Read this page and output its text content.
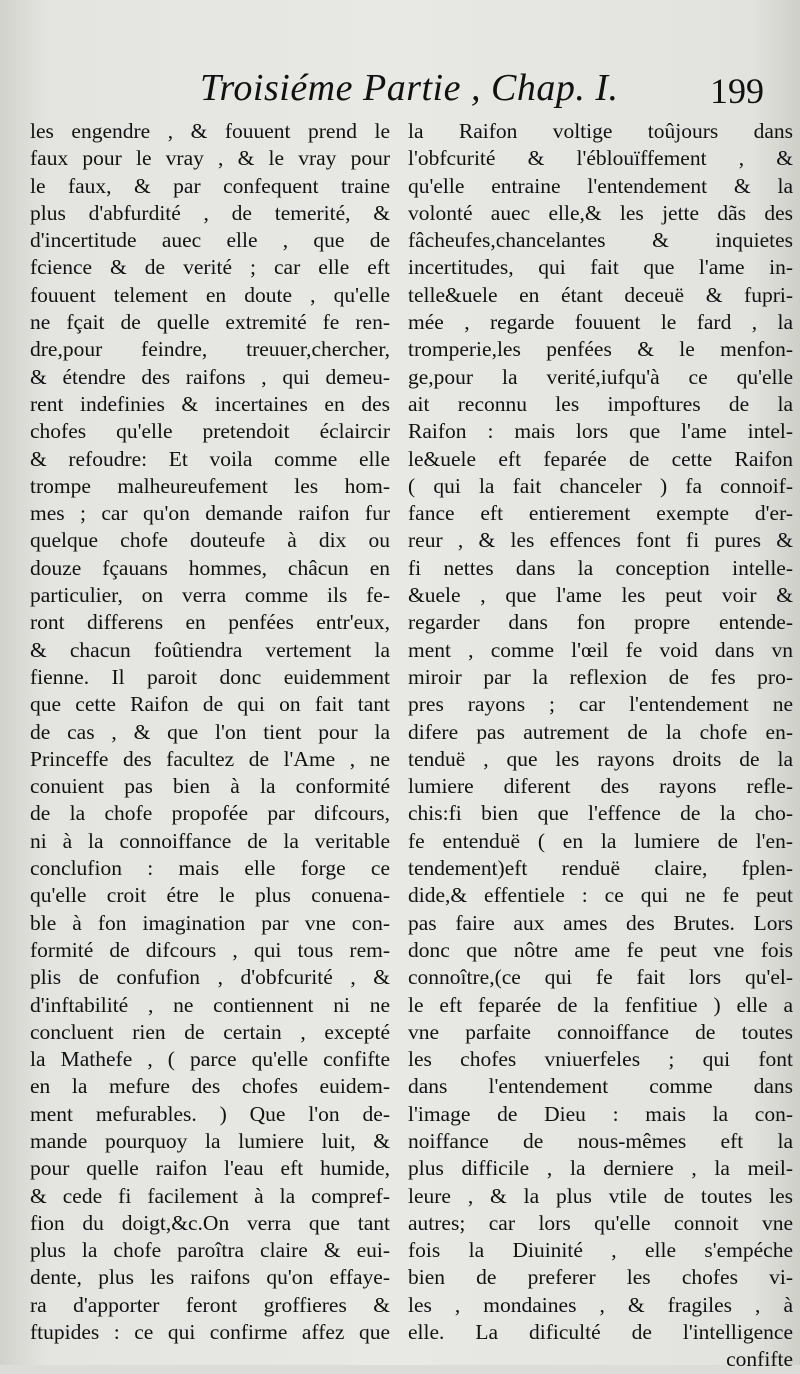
Troisiéme Partie , Chap. I.	199
les engendre , & fouuent prend le
faux pour le vray , & le vray pour
le faux, & par confequent traine
plus d'abfurdité , de temerité, &
d'incertitude auec elle , que de
fcience & de verité ; car elle eft
fouuent telement en doute , qu'elle
ne fçait de quelle extremité fe ren-
dre,pour feindre, treuuer,chercher,
& étendre des raifons , qui demeu-
rent indefinies & incertaines en des
chofes qu'elle pretendoit éclaircir
& refoudre: Et voila comme elle
trompe malheureufement les hom-
mes ; car qu'on demande raifon fur
quelque chofe douteufe à dix ou
douze fçauans hommes, châcun en
particulier, on verra comme ils fe-
ront differens en penfées entr'eux,
& chacun foûtiendra vertement la
fienne. Il paroit donc euidemment
que cette Raifon de qui on fait tant
de cas , & que l'on tient pour la
Princeffe des facultez de l'Ame , ne
conuient pas bien à la conformité
de la chofe propofée par difcours,
ni à la connoiffance de la veritable
conclufion : mais elle forge ce
qu'elle croit étre le plus conuena-
ble à fon imagination par vne con-
formité de difcours , qui tous rem-
plis de confufion , d'obfcurité , &
d'inftabilité , ne contiennent ni ne
concluent rien de certain , excepté
la Mathefe , ( parce qu'elle confifte
en la mefure des chofes euidem-
ment mefurables. ) Que l'on de-
mande pourquoy la lumiere luit, &
pour quelle raifon l'eau eft humide,
& cede fi facilement à la compref-
fion du doigt,&c.On verra que tant
plus la chofe paroîtra claire & eui-
dente, plus les raifons qu'on effaye-
ra d'apporter feront groffieres &
ftupides : ce qui confirme affez que
la Raifon voltige toûjours dans
l'obfcurité & l'éblouïffement , &
qu'elle entraine l'entendement & la
volonté auec elle,& les jette dãs des
fâcheufes,chancelantes & inquietes
incertitudes, qui fait que l'ame in-
telle&uele en étant deceuë & fupri-
mée , regarde fouuent le fard , la
tromperie,les penfées & le menfon-
ge,pour la verité,iufqu'à ce qu'elle
ait reconnu les impoftures de la
Raifon : mais lors que l'ame intel-
le&uele eft feparée de cette Raifon
( qui la fait chanceler ) fa connoif-
fance eft entierement exempte d'er-
reur , & les effences font fi pures &
fi nettes dans la conception intelle-
&uele , que l'ame les peut voir &
regarder dans fon propre entende-
ment , comme l'œil fe void dans vn
miroir par la reflexion de fes pro-
pres rayons ; car l'entendement ne
difere pas autrement de la chofe en-
tenduë , que les rayons droits de la
lumiere diferent des rayons refle-
chis:fi bien que l'effence de la cho-
fe entenduë ( en la lumiere de l'en-
tendement)eft renduë claire, fplen-
dide,& effentiele : ce qui ne fe peut
pas faire aux ames des Brutes. Lors
donc que nôtre ame fe peut vne fois
connoître,(ce qui fe fait lors qu'el-
le eft feparée de la fenfitiue ) elle a
vne parfaite connoiffance de toutes
les chofes vniuerfeles ; qui font
dans l'entendement comme dans
l'image de Dieu : mais la con-
noiffance de nous-mêmes eft la
plus difficile , la derniere , la meil-
leure , & la plus vtile de toutes les
autres; car lors qu'elle connoit vne
fois la Diuinité , elle s'empéche
bien de preferer les chofes vi-
les , mondaines , & fragiles , à
elle. La dificulté de l'intelligence
confifte
